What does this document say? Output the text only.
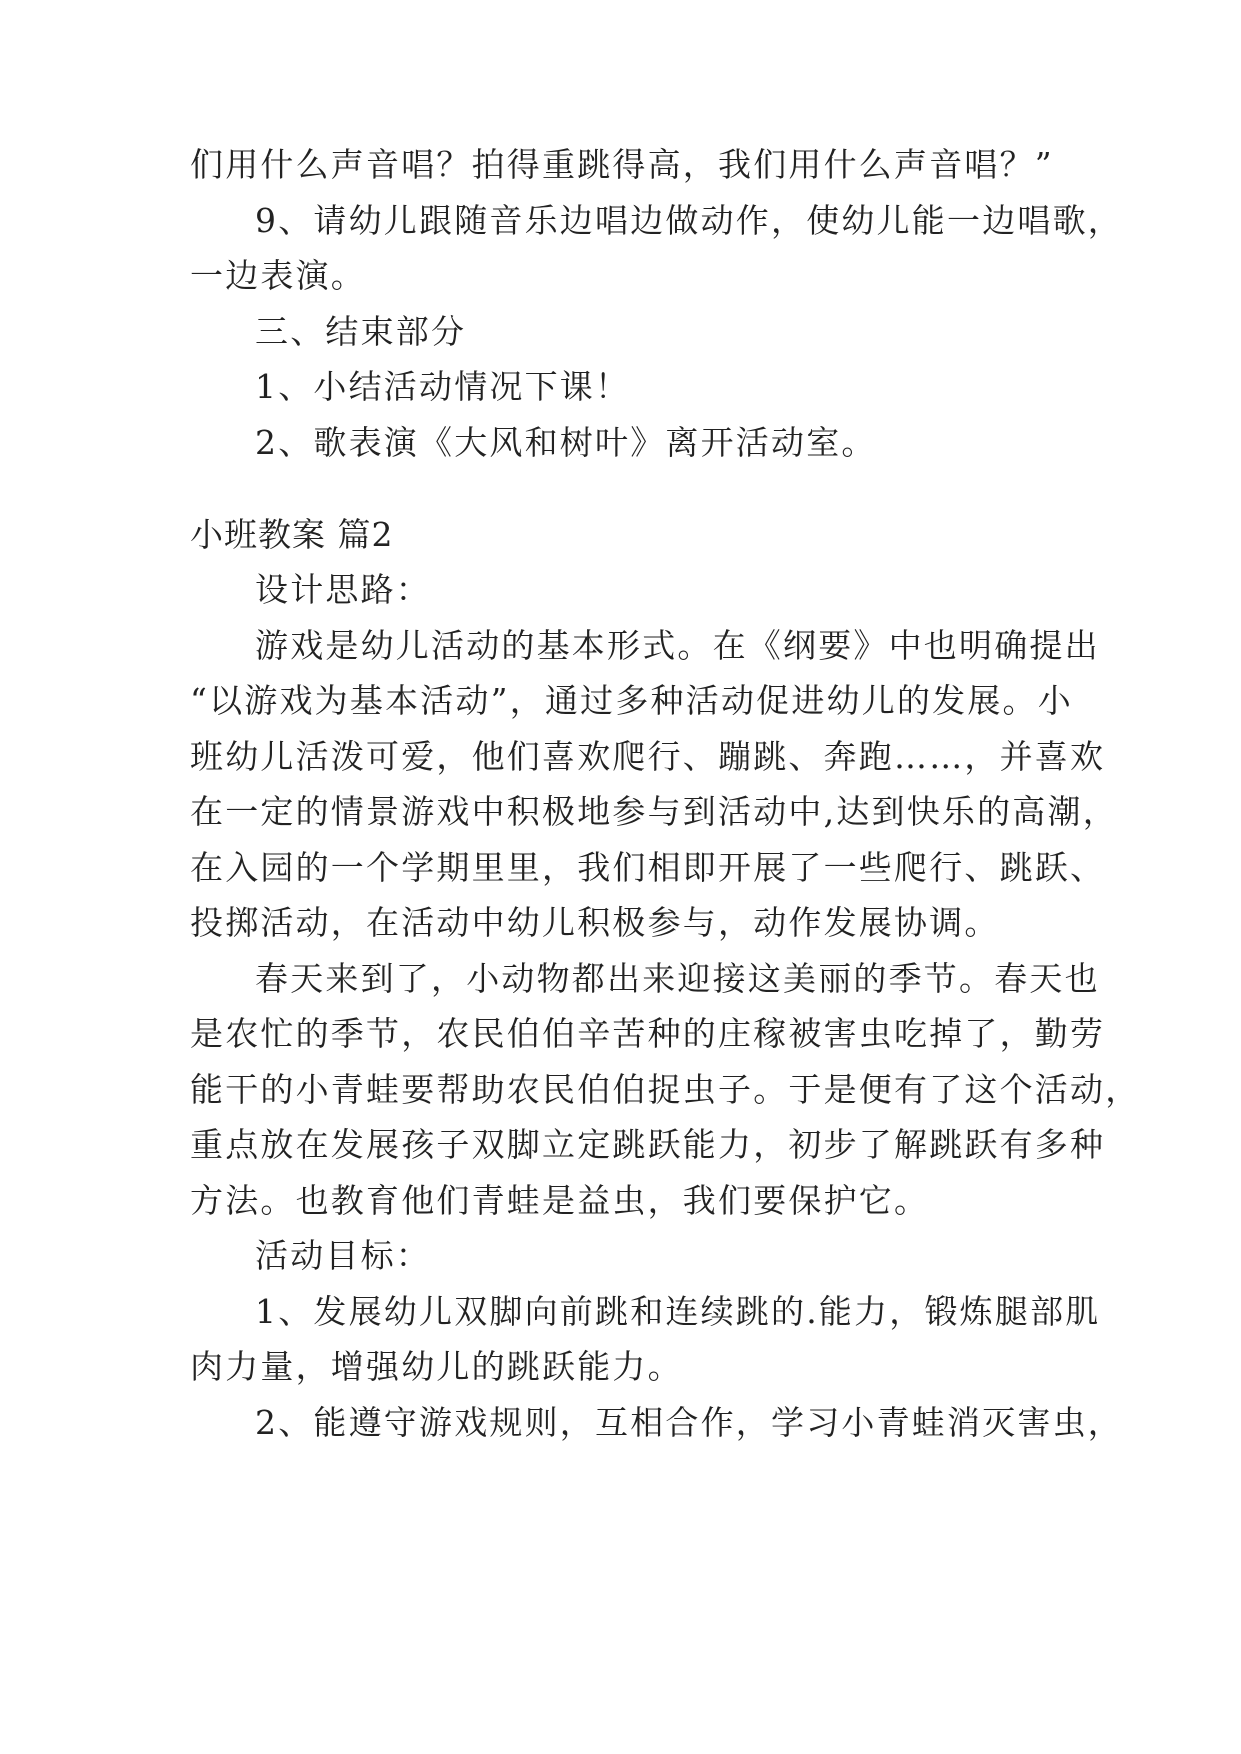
们用什么声音唱？拍得重跳得高，我们用什么声音唱？”
9、请幼儿跟随音乐边唱边做动作，使幼儿能一边唱歌，
一边表演。
三、结束部分
1、小结活动情况下课！
2、歌表演《大风和树叶》离开活动室。
小班教案 篇2
设计思路：
游戏是幼儿活动的基本形式。在《纲要》中也明确提出
“以游戏为基本活动”，通过多种活动促进幼儿的发展。小
班幼儿活泼可爱，他们喜欢爬行、蹦跳、奔跑……，并喜欢
在一定的情景游戏中积极地参与到活动中,达到快乐的高潮，
在入园的一个学期里里，我们相即开展了一些爬行、跳跃、
投掷活动，在活动中幼儿积极参与，动作发展协调。
春天来到了，小动物都出来迎接这美丽的季节。春天也
是农忙的季节，农民伯伯辛苦种的庄稼被害虫吃掉了，勤劳
能干的小青蛙要帮助农民伯伯捉虫子。于是便有了这个活动，
重点放在发展孩子双脚立定跳跃能力，初步了解跳跃有多种
方法。也教育他们青蛙是益虫，我们要保护它。
活动目标：
1、发展幼儿双脚向前跳和连续跳的.能力，锻炼腿部肌
肉力量，增强幼儿的跳跃能力。
2、能遵守游戏规则，互相合作，学习小青蛙消灭害虫，
